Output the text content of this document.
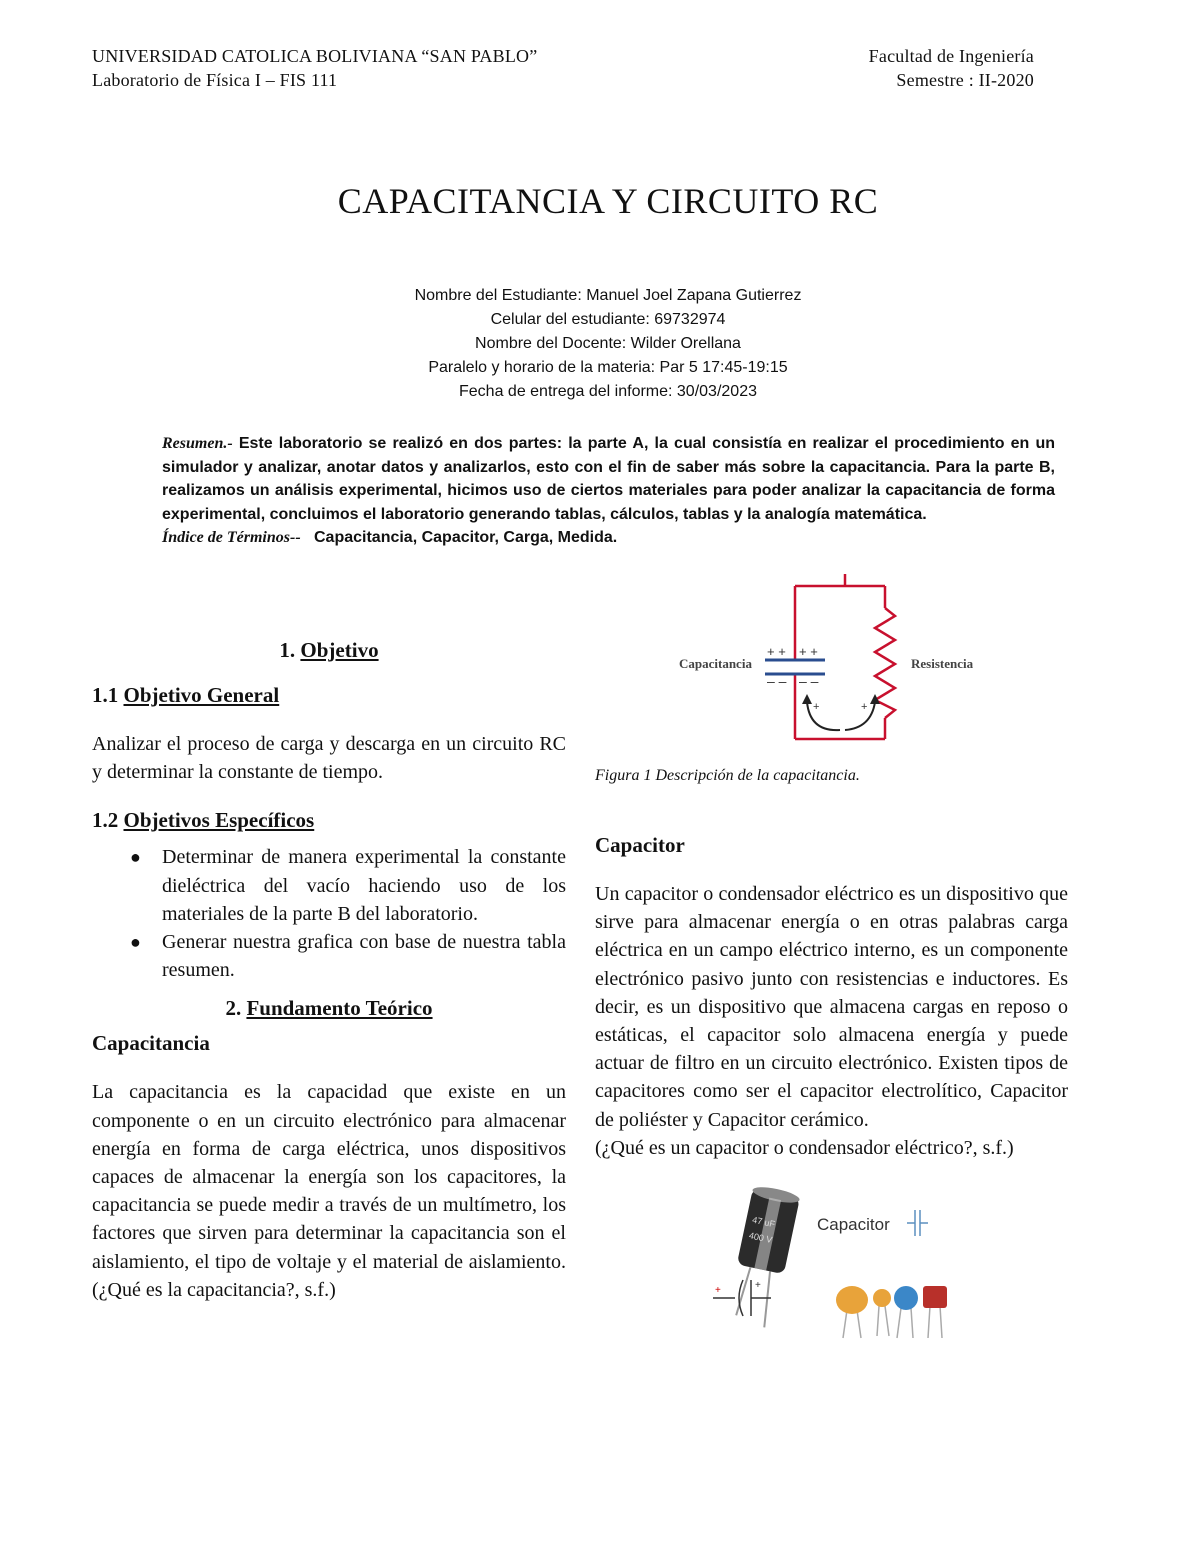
UNIVERSIDAD CATOLICA BOLIVIANA “SAN PABLO”
Laboratorio de Física I – FIS 111
Facultad de Ingeniería
Semestre : II-2020
CAPACITANCIA Y CIRCUITO RC
Nombre del Estudiante: Manuel Joel Zapana Gutierrez
Celular del estudiante: 69732974
Nombre del Docente: Wilder Orellana
Paralelo y horario de la materia: Par 5 17:45-19:15
Fecha de entrega del informe: 30/03/2023
Resumen.- Este laboratorio se realizó en dos partes: la parte A, la cual consistía en realizar el procedimiento en un simulador y analizar, anotar datos y analizarlos, esto con el fin de saber más sobre la capacitancia. Para la parte B, realizamos un análisis experimental, hicimos uso de ciertos materiales para poder analizar la capacitancia de forma experimental, concluimos el laboratorio generando tablas, cálculos, tablas y la analogía matemática.
Índice de Términos--   Capacitancia, Capacitor, Carga, Medida.

1. Objetivo

1.1 Objetivo General

Analizar el proceso de carga y descarga en un circuito RC y determinar la constante de tiempo.

1.2 Objetivos Específicos

● Determinar de manera experimental la constante dieléctrica del vacío haciendo uso de los materiales de la parte B del laboratorio.
● Generar nuestra grafica con base de nuestra tabla resumen.

2. Fundamento Teórico

Capacitancia

La capacitancia es la capacidad que existe en un componente o en un circuito electrónico para almacenar energía en forma de carga eléctrica, unos dispositivos capaces de almacenar la energía son los capacitores, la capacitancia se puede medir a través de un multímetro, los factores que sirven para determinar la capacitancia son el aislamiento, el tipo de voltaje y el material de aislamiento. (¿Qué es la capacitancia?, s.f.)

+ + + +
– – – –
+	+
Capacitancia	Resistencia

Figura 1 Descripción de la capacitancia.

Capacitor

Un capacitor o condensador eléctrico es un dispositivo que sirve para almacenar energía o en otras palabras carga eléctrica en un campo eléctrico interno, es un componente electrónico pasivo junto con resistencias e inductores. Es decir, es un dispositivo que almacena cargas en reposo o estáticas, el capacitor solo almacena energía y puede actuar de filtro en un circuito electrónico. Existen tipos de capacitores como ser el capacitor electrolítico, Capacitor de poliéster y Capacitor cerámico.

(¿Qué es un capacitor o condensador eléctrico?, s.f.)

47 uF
400 V
Capacitor
+	+
